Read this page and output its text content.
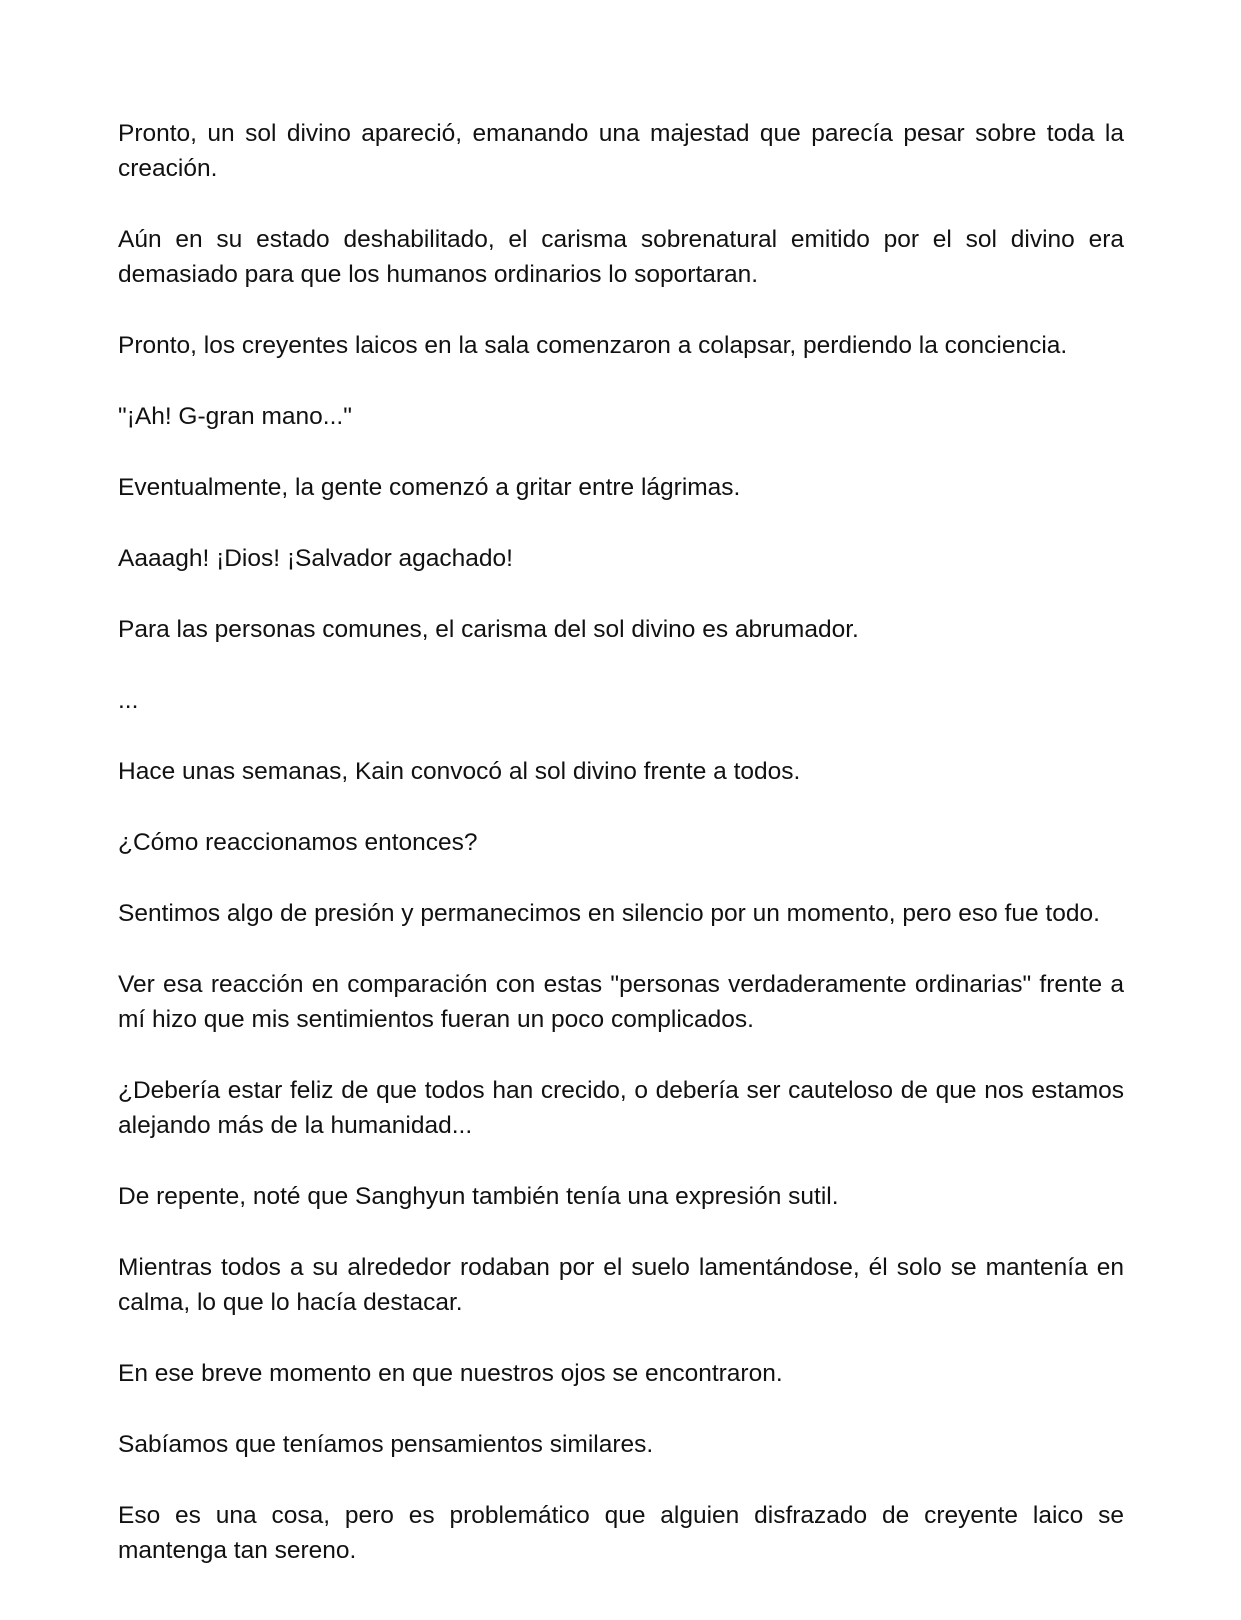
Pronto, un sol divino apareció, emanando una majestad que parecía pesar sobre toda la creación.

Aún en su estado deshabilitado, el carisma sobrenatural emitido por el sol divino era demasiado para que los humanos ordinarios lo soportaran.

Pronto, los creyentes laicos en la sala comenzaron a colapsar, perdiendo la conciencia.

"¡Ah! G-gran mano..."

Eventualmente, la gente comenzó a gritar entre lágrimas.

Aaaagh! ¡Dios! ¡Salvador agachado!

Para las personas comunes, el carisma del sol divino es abrumador.

...

Hace unas semanas, Kain convocó al sol divino frente a todos.

¿Cómo reaccionamos entonces?

Sentimos algo de presión y permanecimos en silencio por un momento, pero eso fue todo.

Ver esa reacción en comparación con estas "personas verdaderamente ordinarias" frente a mí hizo que mis sentimientos fueran un poco complicados.

¿Debería estar feliz de que todos han crecido, o debería ser cauteloso de que nos estamos alejando más de la humanidad...

De repente, noté que Sanghyun también tenía una expresión sutil.

Mientras todos a su alrededor rodaban por el suelo lamentándose, él solo se mantenía en calma, lo que lo hacía destacar.

En ese breve momento en que nuestros ojos se encontraron.

Sabíamos que teníamos pensamientos similares.

Eso es una cosa, pero es problemático que alguien disfrazado de creyente laico se mantenga tan sereno.
